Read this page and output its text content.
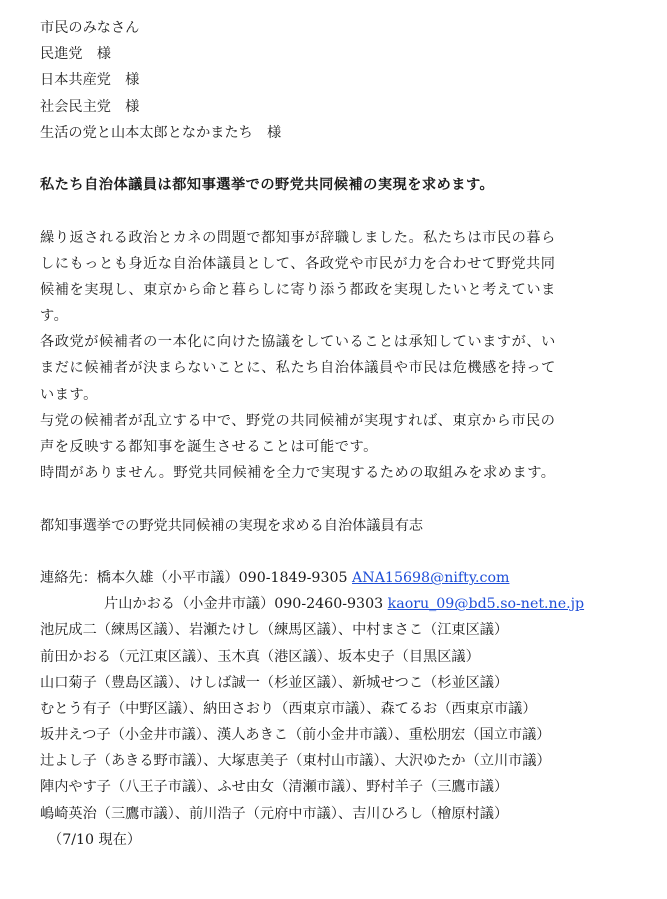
市民のみなさん
民進党　様
日本共産党　様
社会民主党　様
生活の党と山本太郎となかまたち　様
私たち自治体議員は都知事選挙での野党共同候補の実現を求めます。
繰り返される政治とカネの問題で都知事が辞職しました。私たちは市民の暮ら
しにもっとも身近な自治体議員として、各政党や市民が力を合わせて野党共同
候補を実現し、東京から命と暮らしに寄り添う都政を実現したいと考えていま
す。
各政党が候補者の一本化に向けた協議をしていることは承知していますが、い
まだに候補者が決まらないことに、私たち自治体議員や市民は危機感を持って
います。
与党の候補者が乱立する中で、野党の共同候補が実現すれば、東京から市民の
声を反映する都知事を誕生させることは可能です。
時間がありません。野党共同候補を全力で実現するための取組みを求めます。
都知事選挙での野党共同候補の実現を求める自治体議員有志
連絡先：橋本久雄（小平市議）090-1849-9305 ANA15698@nifty.com
片山かおる（小金井市議）090-2460-9303 kaoru_09@bd5.so-net.ne.jp
池尻成二（練馬区議）、岩瀬たけし（練馬区議）、中村まさこ（江東区議）
前田かおる（元江東区議）、玉木真（港区議）、坂本史子（目黒区議）
山口菊子（豊島区議）、けしば誠一（杉並区議）、新城せつこ（杉並区議）
むとう有子（中野区議）、納田さおり（西東京市議）、森てるお（西東京市議）
坂井えつ子（小金井市議）、漢人あきこ（前小金井市議）、重松朋宏（国立市議）
辻よし子（あきる野市議）、大塚恵美子（東村山市議）、大沢ゆたか（立川市議）
陣内やす子（八王子市議）、ふせ由女（清瀬市議）、野村羊子（三鷹市議）
嶋崎英治（三鷹市議）、前川浩子（元府中市議）、吉川ひろし（檜原村議）
（7/10 現在）
